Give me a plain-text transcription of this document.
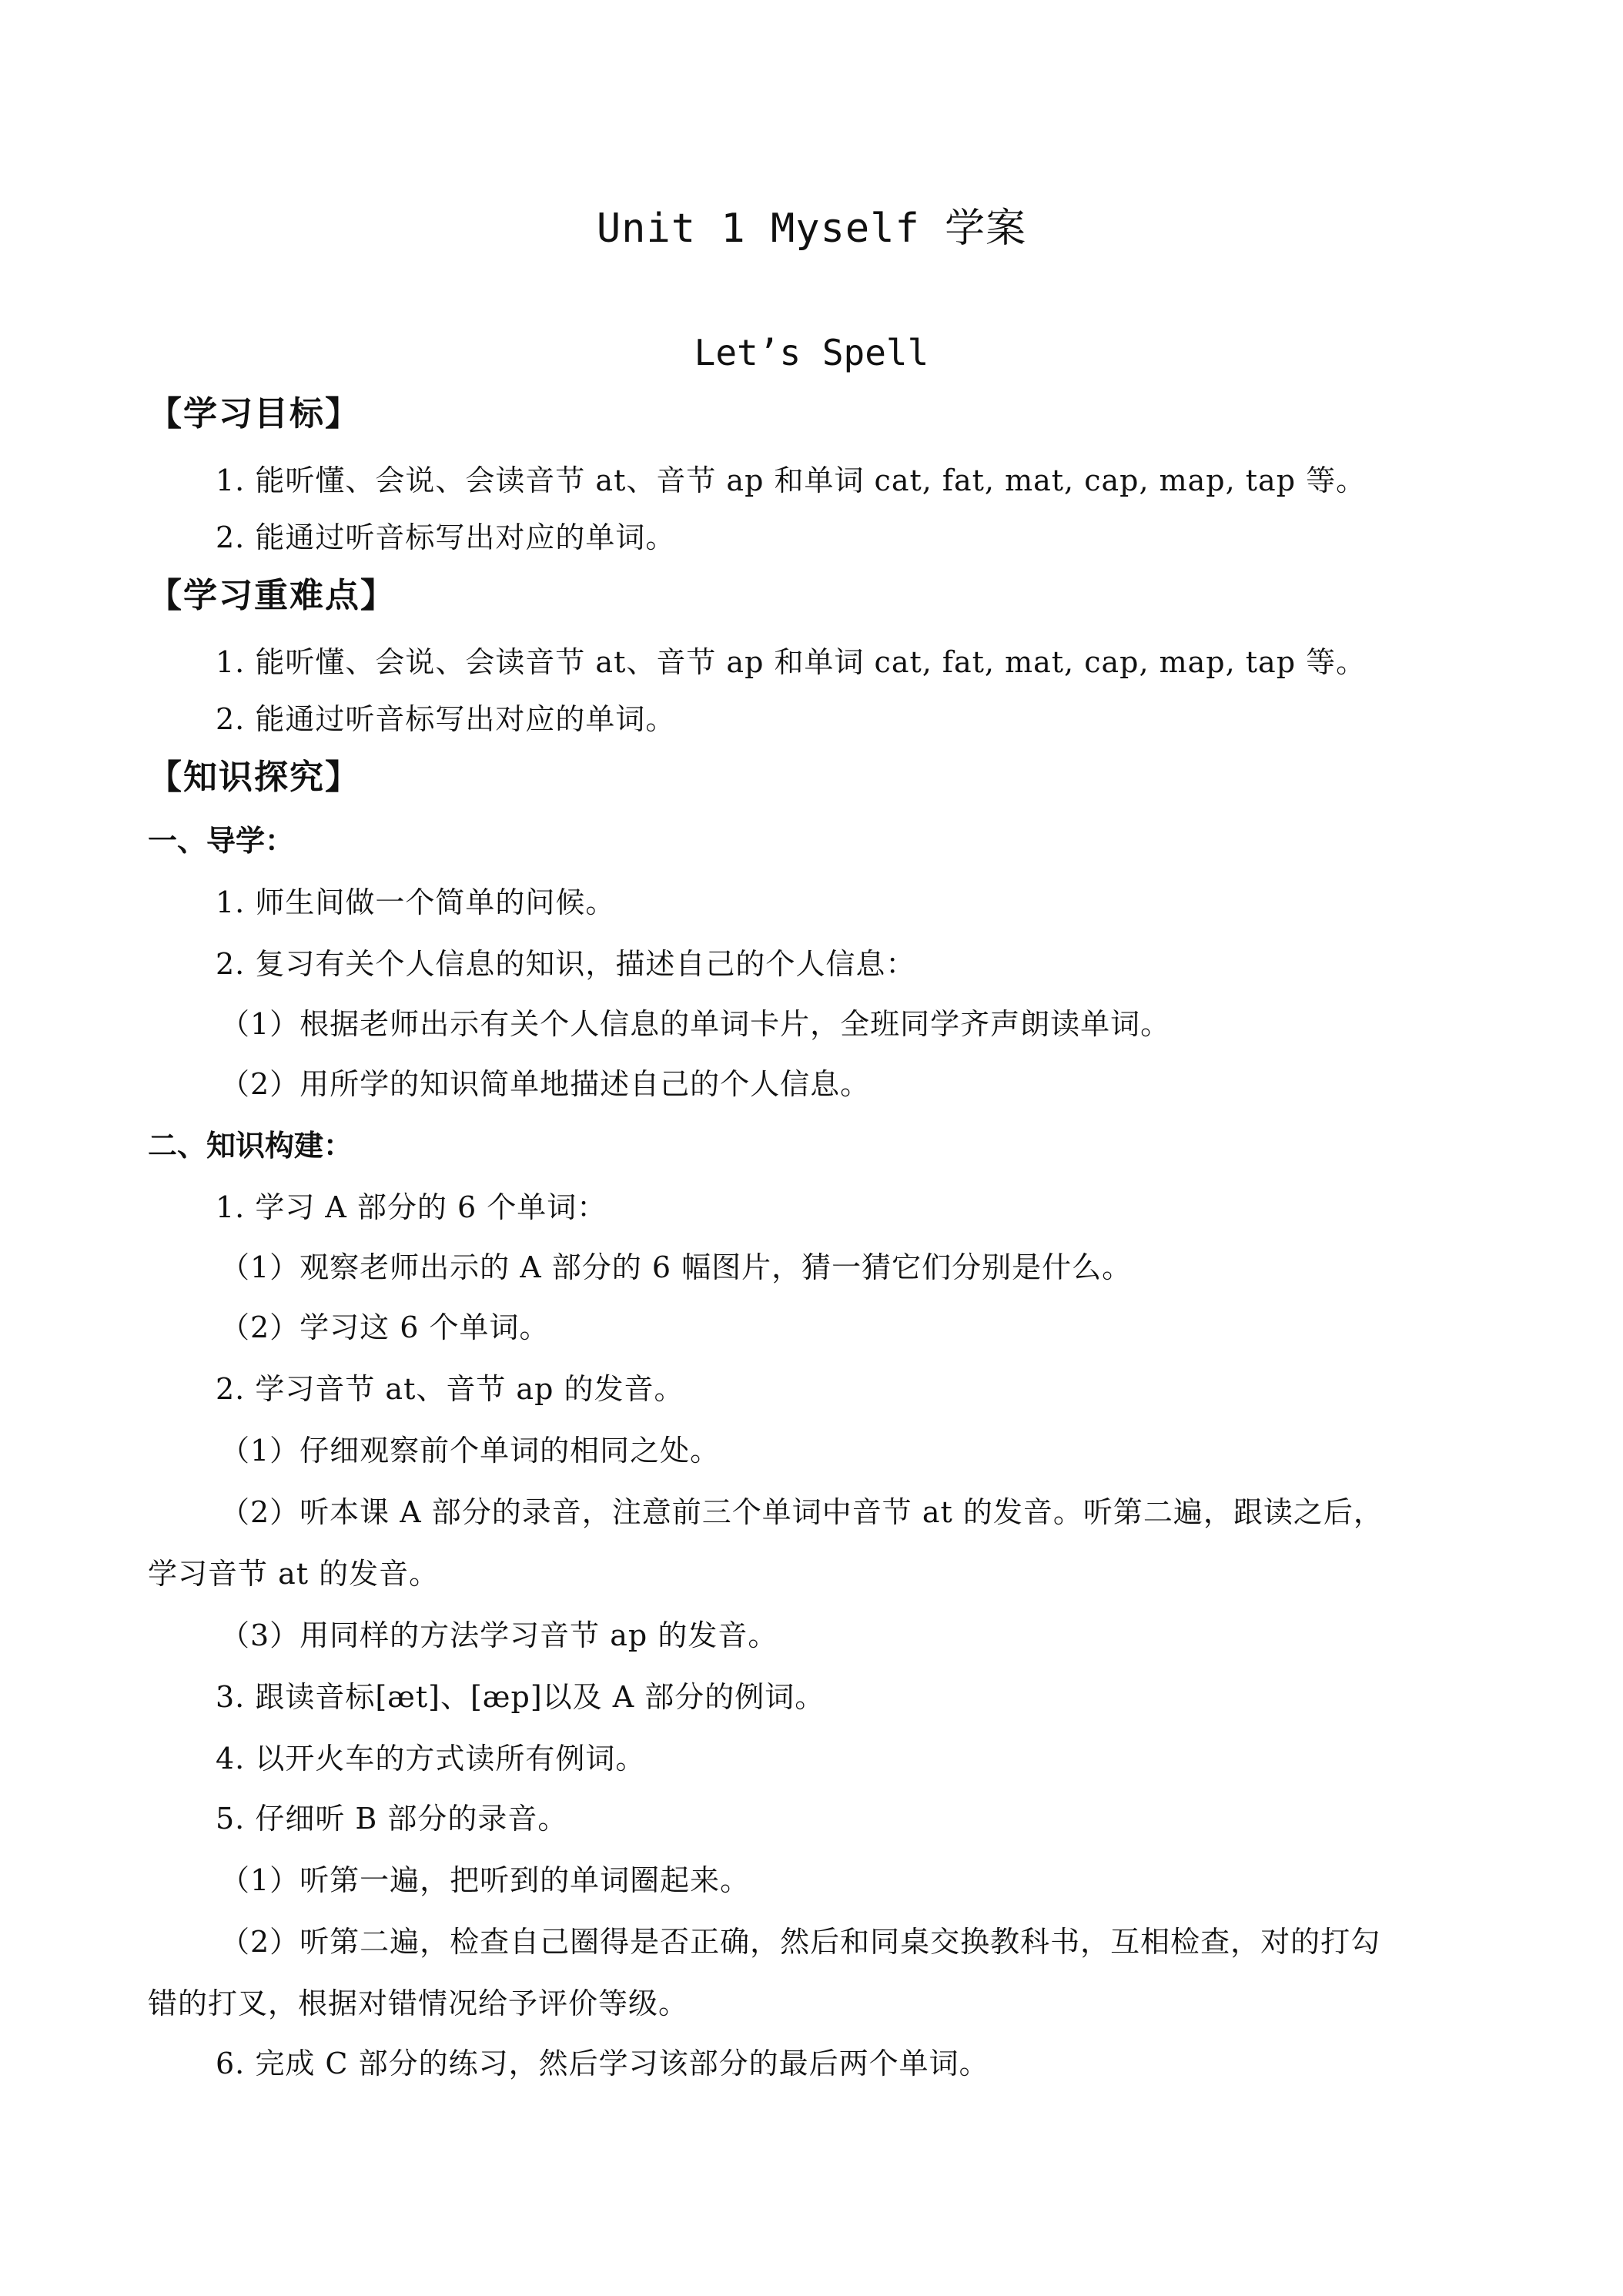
Unit 1 Myself 学案
Let’s Spell
【学习目标】
1. 能听懂、会说、会读音节 at、音节 ap 和单词 cat, fat, mat, cap, map, tap 等。
2. 能通过听音标写出对应的单词。
【学习重难点】
1. 能听懂、会说、会读音节 at、音节 ap 和单词 cat, fat, mat, cap, map, tap 等。
2. 能通过听音标写出对应的单词。
【知识探究】
一、导学：
1. 师生间做一个简单的问候。
2. 复习有关个人信息的知识，描述自己的个人信息：
（1）根据老师出示有关个人信息的单词卡片，全班同学齐声朗读单词。
（2）用所学的知识简单地描述自己的个人信息。
二、知识构建：
1. 学习 A 部分的 6 个单词：
（1）观察老师出示的 A 部分的 6 幅图片，猜一猜它们分别是什么。
（2）学习这 6 个单词。
2. 学习音节 at、音节 ap 的发音。
（1）仔细观察前个单词的相同之处。
（2）听本课 A 部分的录音，注意前三个单词中音节 at 的发音。听第二遍，跟读之后，
学习音节 at 的发音。
（3）用同样的方法学习音节 ap 的发音。
3. 跟读音标[æt]、[æp]以及 A 部分的例词。
4. 以开火车的方式读所有例词。
5. 仔细听 B 部分的录音。
（1）听第一遍，把听到的单词圈起来。
（2）听第二遍，检查自己圈得是否正确，然后和同桌交换教科书，互相检查，对的打勾
错的打叉，根据对错情况给予评价等级。
6. 完成 C 部分的练习，然后学习该部分的最后两个单词。
